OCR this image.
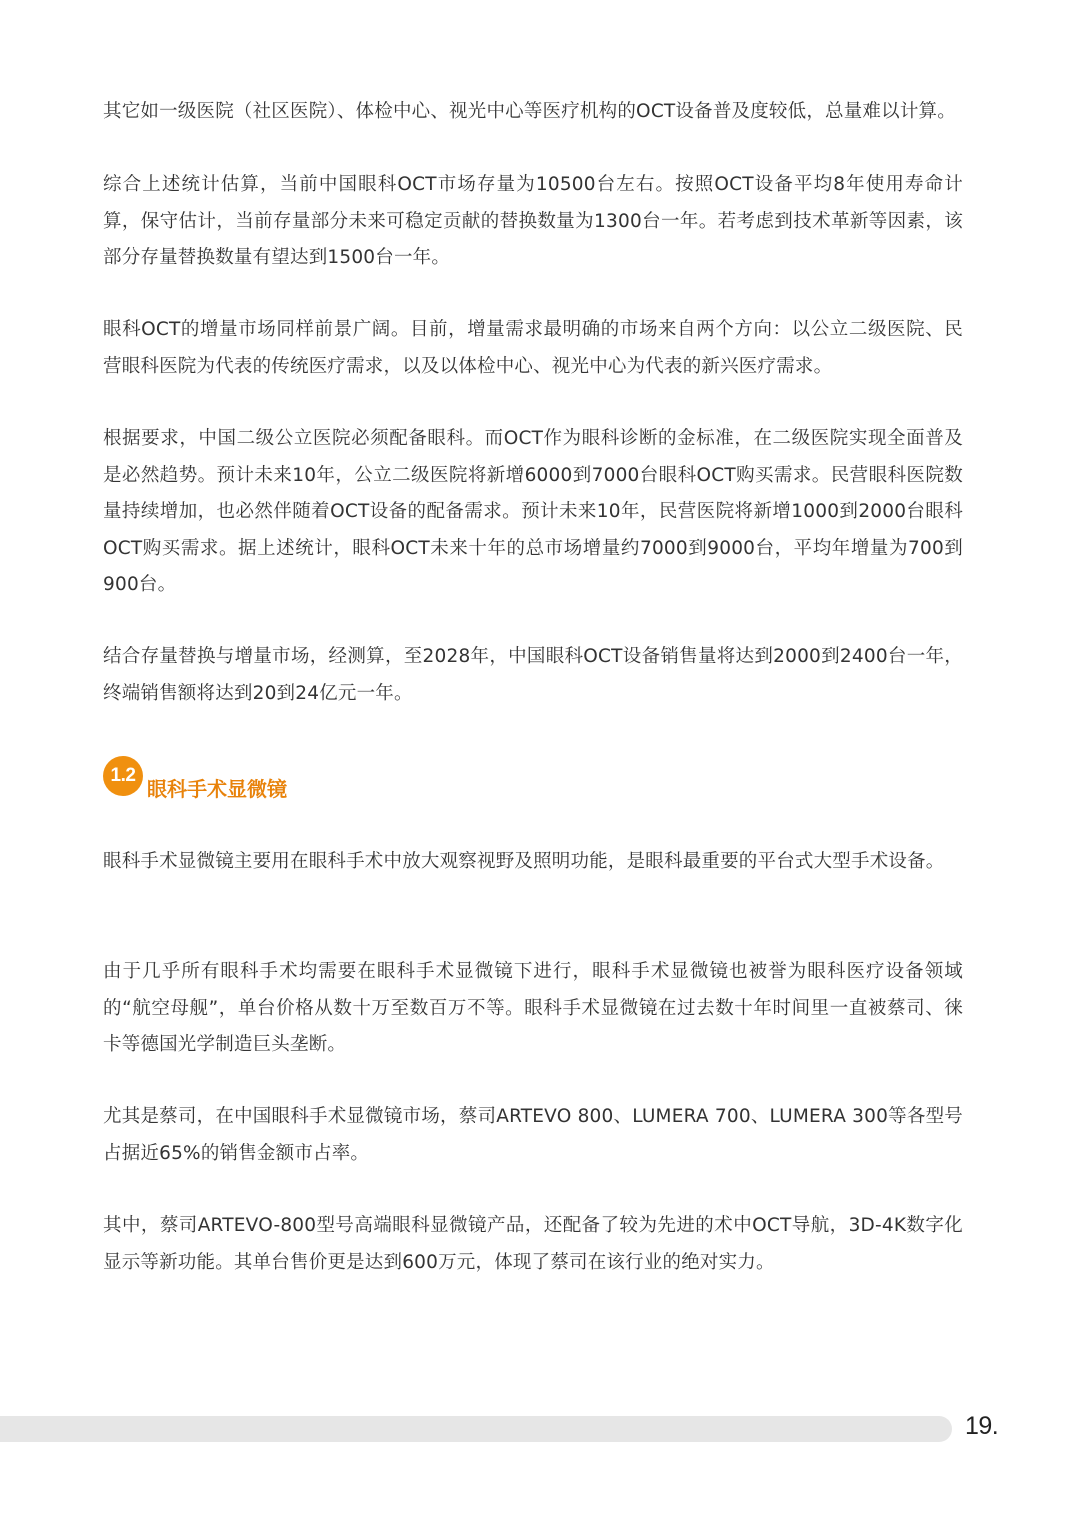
其它如一级医院（社区医院）、体检中心、视光中心等医疗机构的OCT设备普及度较低，总量难以计算。

综合上述统计估算，当前中国眼科OCT市场存量为10500台左右。按照OCT设备平均8年使用寿命计算，保守估计，当前存量部分未来可稳定贡献的替换数量为1300台一年。若考虑到技术革新等因素，该部分存量替换数量有望达到1500台一年。

眼科OCT的增量市场同样前景广阔。目前，增量需求最明确的市场来自两个方向：以公立二级医院、民营眼科医院为代表的传统医疗需求，以及以体检中心、视光中心为代表的新兴医疗需求。

根据要求，中国二级公立医院必须配备眼科。而OCT作为眼科诊断的金标准，在二级医院实现全面普及是必然趋势。预计未来10年，公立二级医院将新增6000到7000台眼科OCT购买需求。民营眼科医院数量持续增加，也必然伴随着OCT设备的配备需求。预计未来10年，民营医院将新增1000到2000台眼科OCT购买需求。据上述统计，眼科OCT未来十年的总市场增量约7000到9000台，平均年增量为700到900台。

结合存量替换与增量市场，经测算，至2028年，中国眼科OCT设备销售量将达到2000到2400台一年，终端销售额将达到20到24亿元一年。

1.2
眼科手术显微镜

眼科手术显微镜主要用在眼科手术中放大观察视野及照明功能，是眼科最重要的平台式大型手术设备。

由于几乎所有眼科手术均需要在眼科手术显微镜下进行，眼科手术显微镜也被誉为眼科医疗设备领域的“航空母舰”，单台价格从数十万至数百万不等。眼科手术显微镜在过去数十年时间里一直被蔡司、徕卡等德国光学制造巨头垄断。

尤其是蔡司，在中国眼科手术显微镜市场，蔡司ARTEVO 800、LUMERA 700、LUMERA 300等各型号占据近65%的销售金额市占率。

其中，蔡司ARTEVO-800型号高端眼科显微镜产品，还配备了较为先进的术中OCT导航，3D-4K数字化显示等新功能。其单台售价更是达到600万元，体现了蔡司在该行业的绝对实力。

19.
